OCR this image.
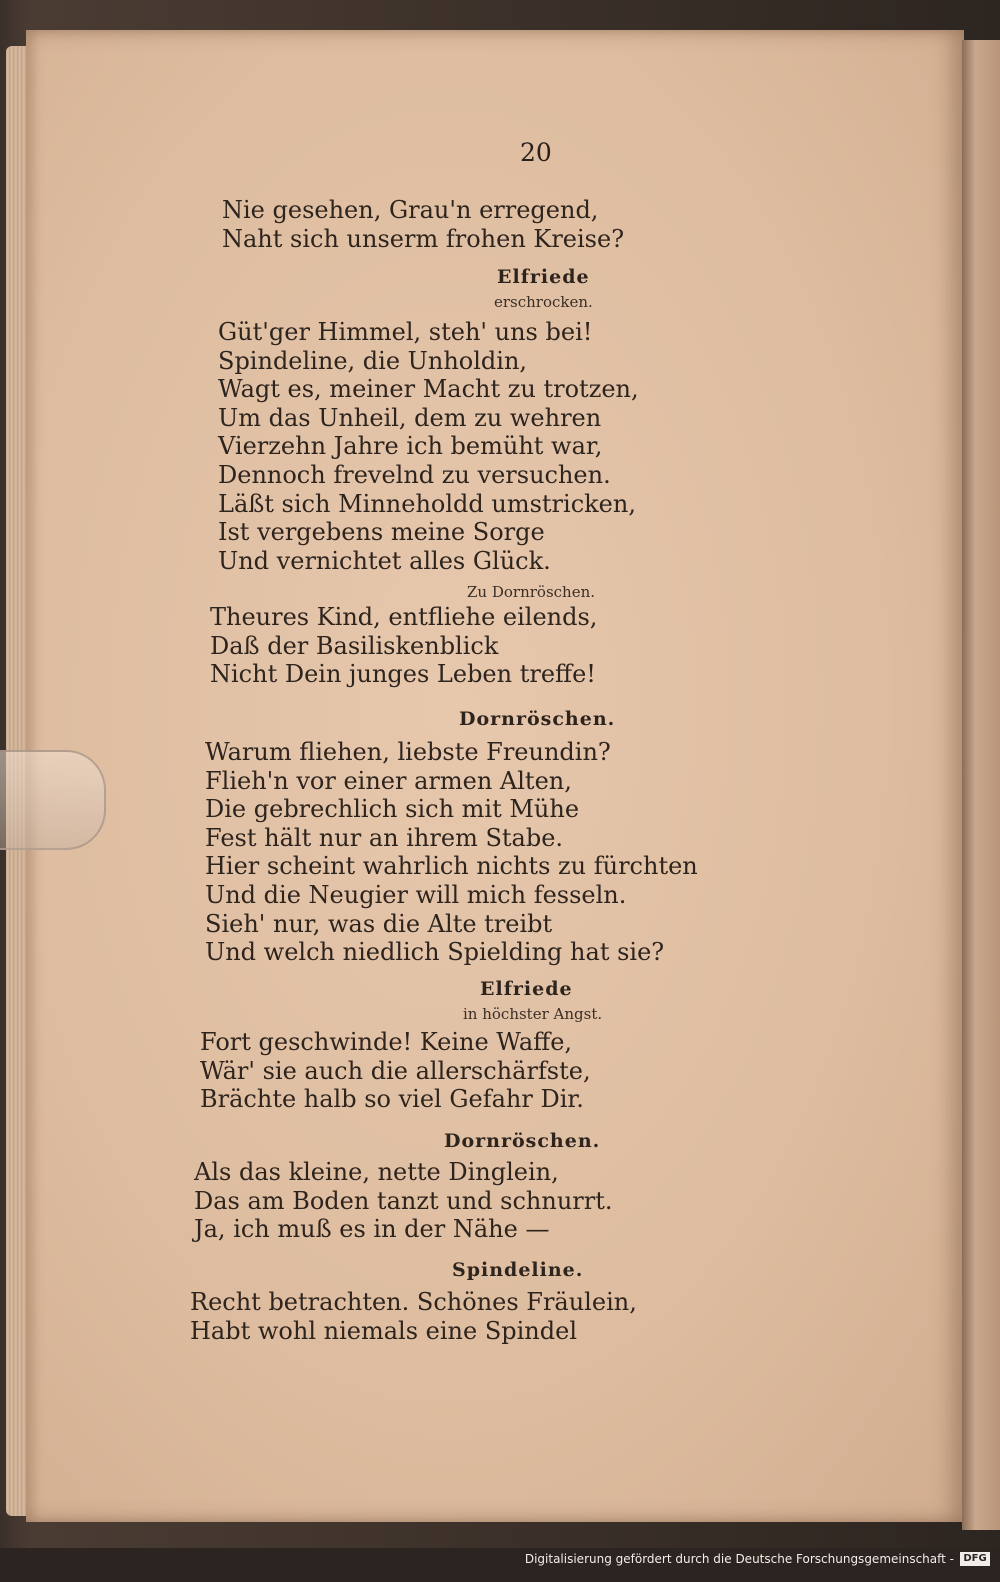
20
Nie gesehen, Grau'n erregend,
Naht sich unserm frohen Kreise?
Elfriede
erschrocken.
Güt'ger Himmel, steh' uns bei!
Spindeline, die Unholdin,
Wagt es, meiner Macht zu trotzen,
Um das Unheil, dem zu wehren
Vierzehn Jahre ich bemüht war,
Dennoch frevelnd zu versuchen.
Läßt sich Minneholdd umstricken,
Ist vergebens meine Sorge
Und vernichtet alles Glück.
Zu Dornröschen.
Theures Kind, entfliehe eilends,
Daß der Basiliskenblick
Nicht Dein junges Leben treffe!
Dornröschen.
Warum fliehen, liebste Freundin?
Flieh'n vor einer armen Alten,
Die gebrechlich sich mit Mühe
Fest hält nur an ihrem Stabe.
Hier scheint wahrlich nichts zu fürchten
Und die Neugier will mich fesseln.
Sieh' nur, was die Alte treibt
Und welch niedlich Spielding hat sie?
Elfriede
in höchster Angst.
Fort geschwinde! Keine Waffe,
Wär' sie auch die allerschärfste,
Brächte halb so viel Gefahr Dir.
Dornröschen.
Als das kleine, nette Dinglein,
Das am Boden tanzt und schnurrt.
Ja, ich muß es in der Nähe —
Spindeline.
Recht betrachten. Schönes Fräulein,
Habt wohl niemals eine Spindel
Digitalisierung gefördert durch die Deutsche Forschungsgemeinschaft - DFG
